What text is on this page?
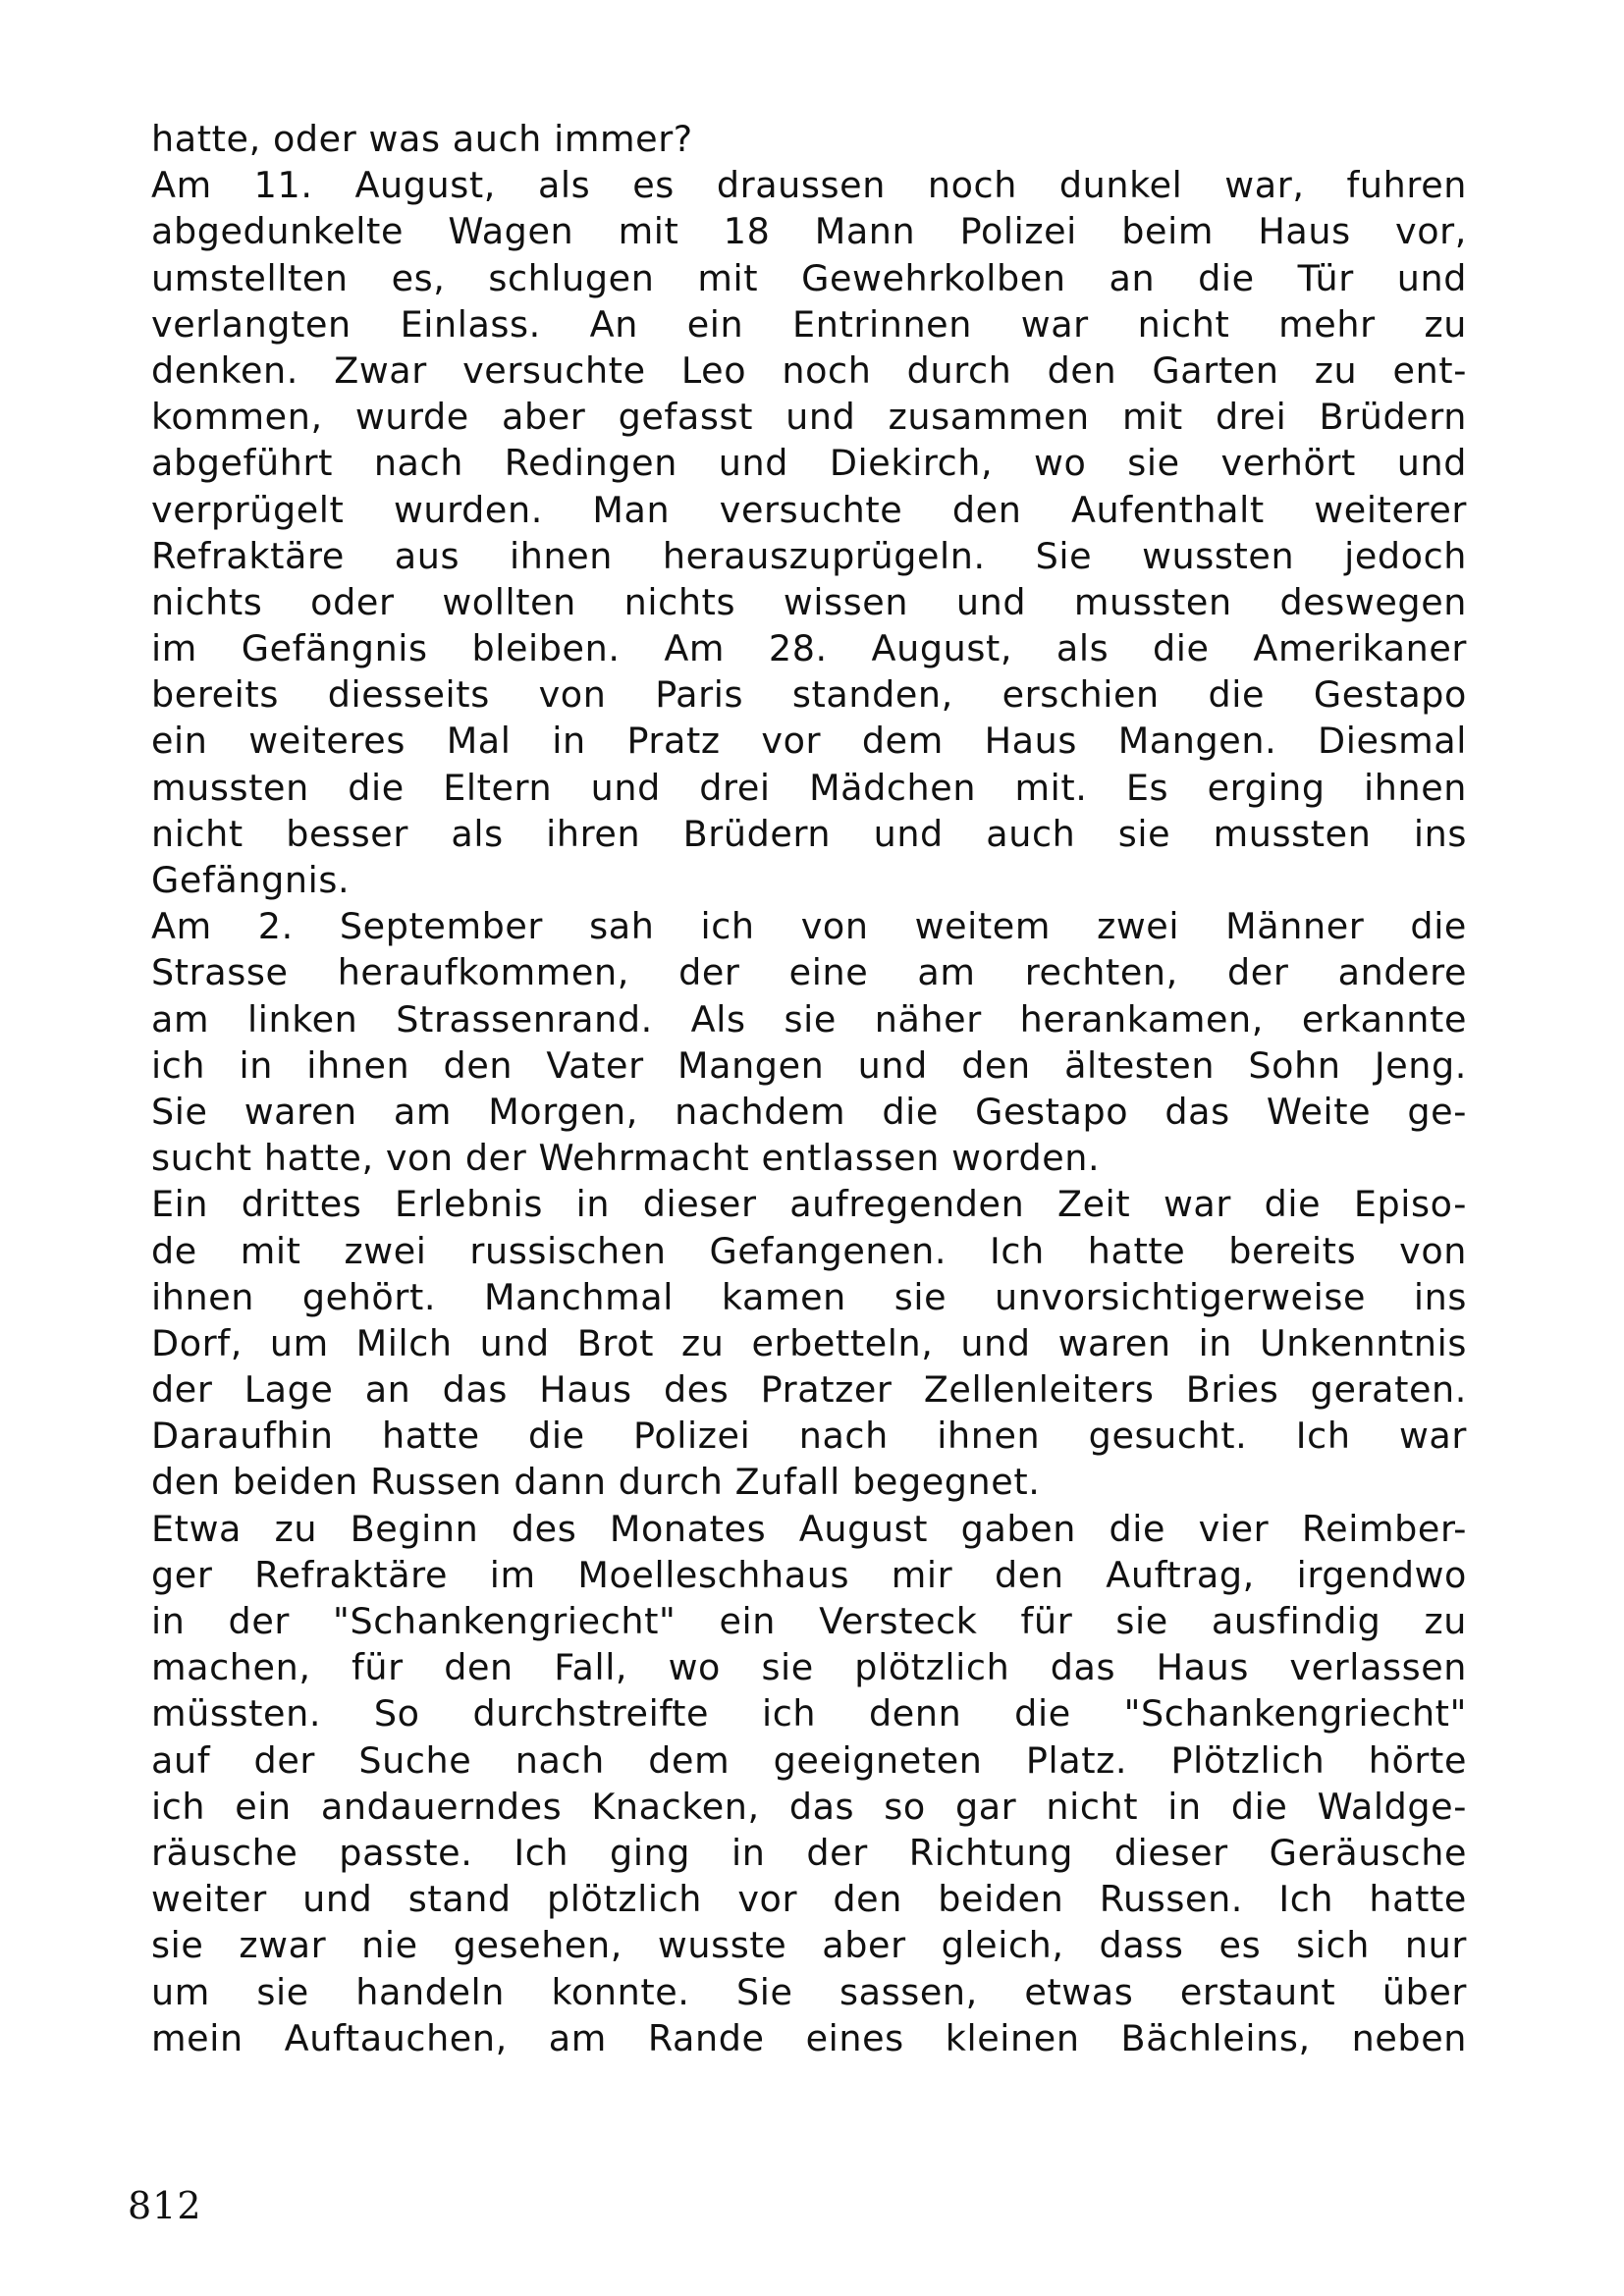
hatte, oder was auch immer?
Am 11. August, als es draussen noch dunkel war, fuhren
abgedunkelte Wagen mit 18 Mann Polizei beim Haus vor,
umstellten es, schlugen mit Gewehrkolben an die Tür und
verlangten Einlass. An ein Entrinnen war nicht mehr zu
denken. Zwar versuchte Leo noch durch den Garten zu ent-
kommen, wurde aber gefasst und zusammen mit drei Brüdern
abgeführt nach Redingen und Diekirch, wo sie verhört und
verprügelt wurden. Man versuchte den Aufenthalt weiterer
Refraktäre aus ihnen herauszuprügeln. Sie wussten jedoch
nichts oder wollten nichts wissen und mussten deswegen
im Gefängnis bleiben. Am 28. August, als die Amerikaner
bereits diesseits von Paris standen, erschien die Gestapo
ein weiteres Mal in Pratz vor dem Haus Mangen. Diesmal
mussten die Eltern und drei Mädchen mit. Es erging ihnen
nicht besser als ihren Brüdern und auch sie mussten ins
Gefängnis.
Am 2. September sah ich von weitem zwei Männer die
Strasse heraufkommen, der eine am rechten, der andere
am linken Strassenrand. Als sie näher herankamen, erkannte
ich in ihnen den Vater Mangen und den ältesten Sohn Jeng.
Sie waren am Morgen, nachdem die Gestapo das Weite ge-
sucht hatte, von der Wehrmacht entlassen worden.
Ein drittes Erlebnis in dieser aufregenden Zeit war die Episo-
de mit zwei russischen Gefangenen. Ich hatte bereits von
ihnen gehört. Manchmal kamen sie unvorsichtigerweise ins
Dorf, um Milch und Brot zu erbetteln, und waren in Unkenntnis
der Lage an das Haus des Pratzer Zellenleiters Bries geraten.
Daraufhin hatte die Polizei nach ihnen gesucht. Ich war
den beiden Russen dann durch Zufall begegnet.
Etwa zu Beginn des Monates August gaben die vier Reimber-
ger Refraktäre im Moelleschhaus mir den Auftrag, irgendwo
in der "Schankengriecht" ein Versteck für sie ausfindig zu
machen, für den Fall, wo sie plötzlich das Haus verlassen
müssten. So durchstreifte ich denn die "Schankengriecht"
auf der Suche nach dem geeigneten Platz. Plötzlich hörte
ich ein andauerndes Knacken, das so gar nicht in die Waldge-
räusche passte. Ich ging in der Richtung dieser Geräusche
weiter und stand plötzlich vor den beiden Russen. Ich hatte
sie zwar nie gesehen, wusste aber gleich, dass es sich nur
um sie handeln konnte. Sie sassen, etwas erstaunt über
mein Auftauchen, am Rande eines kleinen Bächleins, neben
812
